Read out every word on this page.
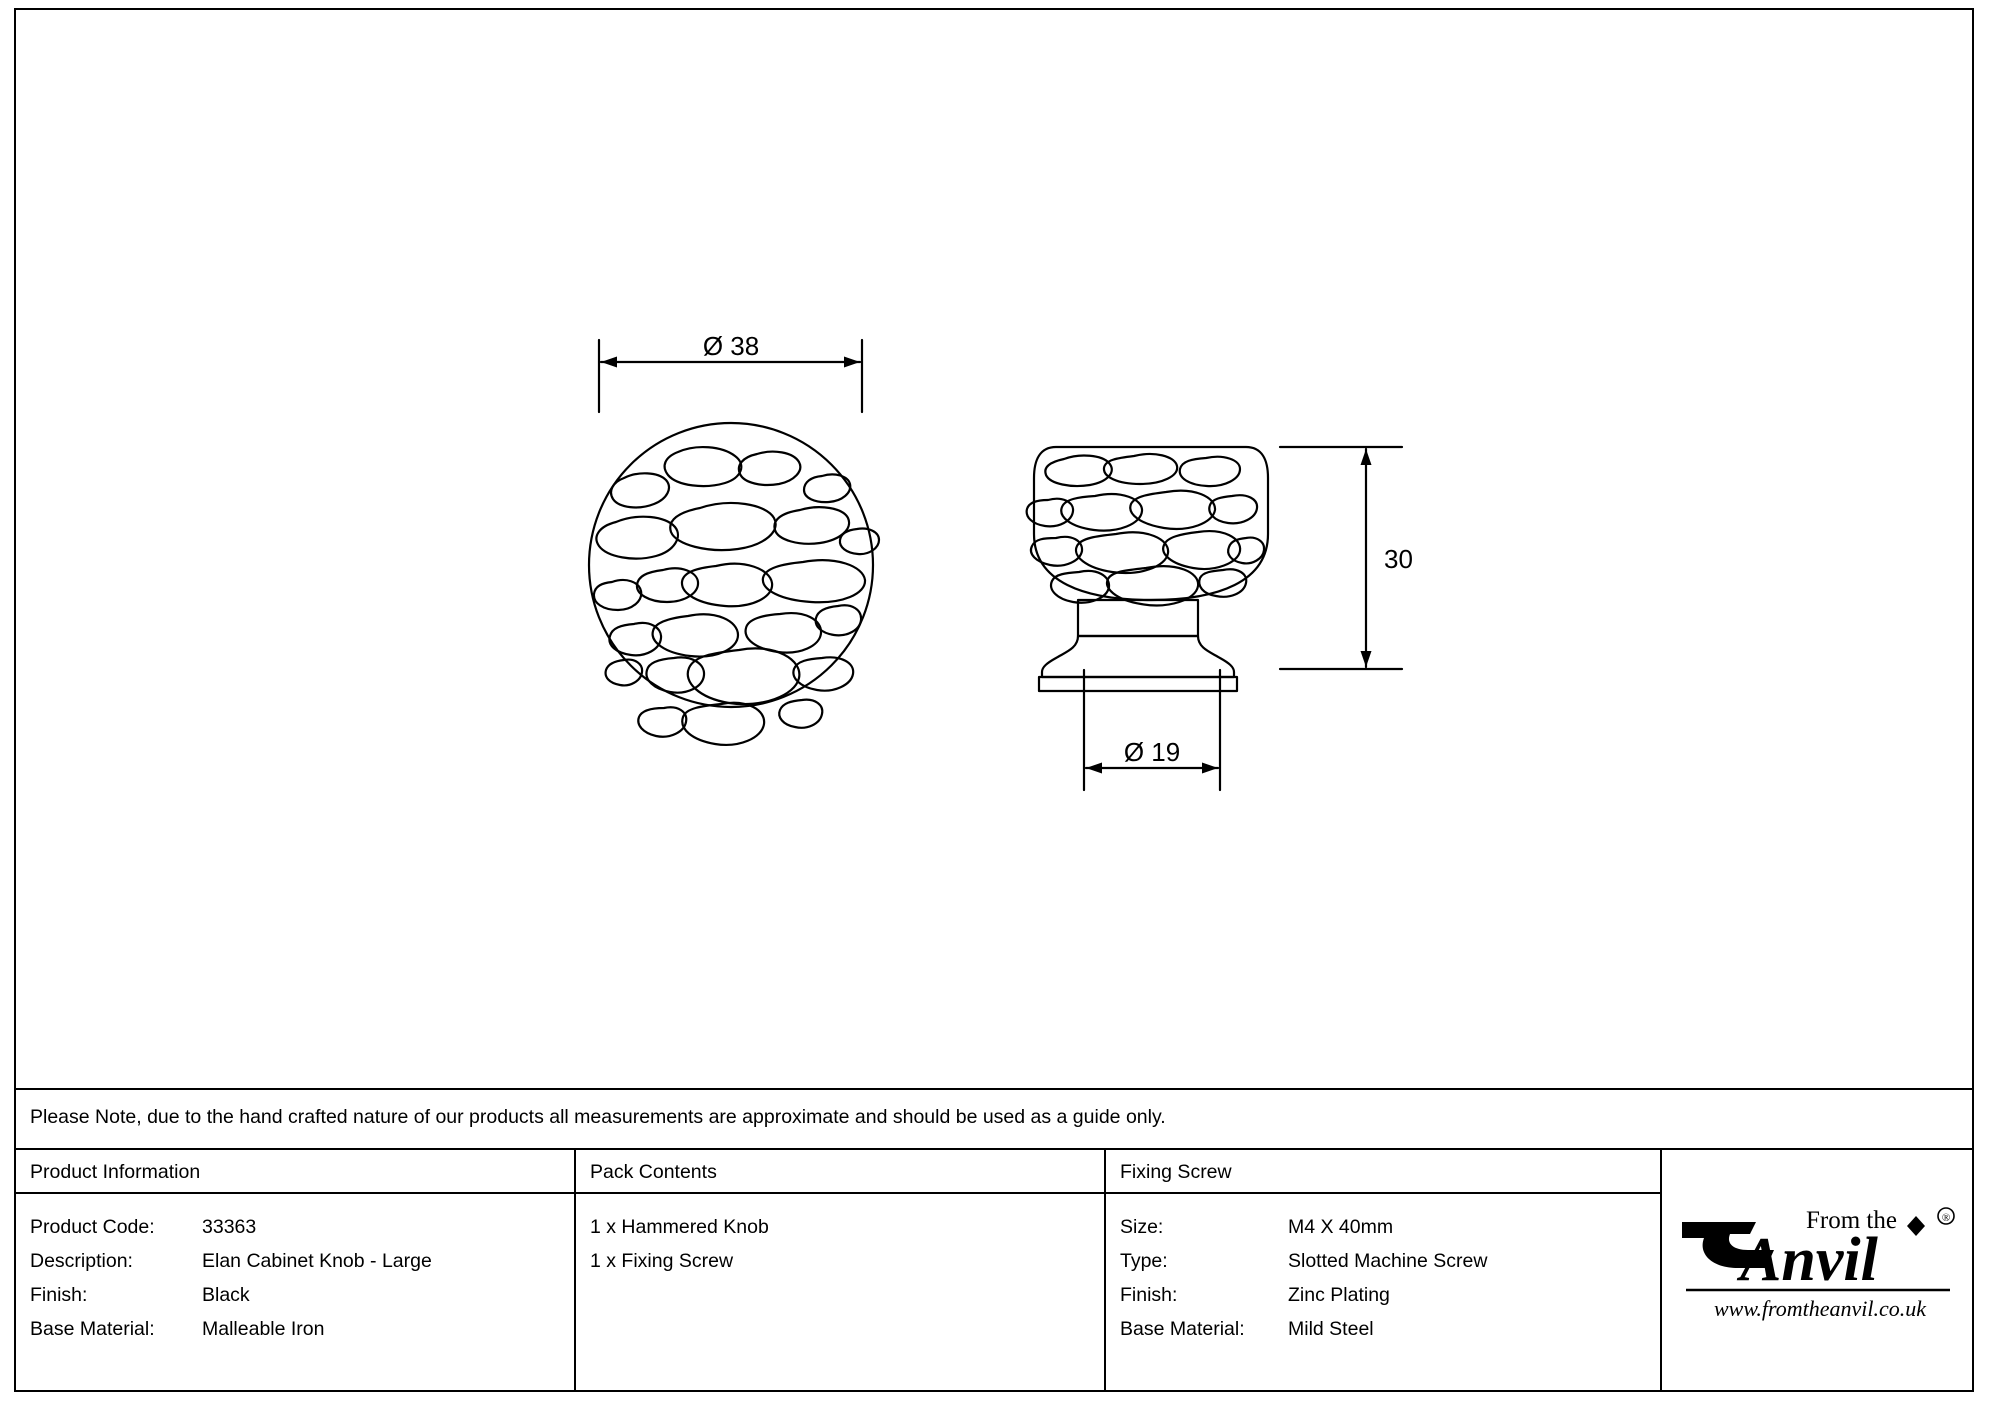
Ø 38
Ø 19
30
Please Note, due to the hand crafted nature of our products all measurements are approximate and should be used as a guide only.
Product Information
Product Code:	33363
Description:	Elan Cabinet Knob - Large
Finish:	Black
Base Material:	Malleable Iron
Pack Contents
1 x Hammered Knob
1 x Fixing Screw
Fixing Screw
Size:	M4 X 40mm
Type:	Slotted Machine Screw
Finish:	Zinc Plating
Base Material:	Mild Steel
®
From the
Anvil
www.fromtheanvil.co.uk
